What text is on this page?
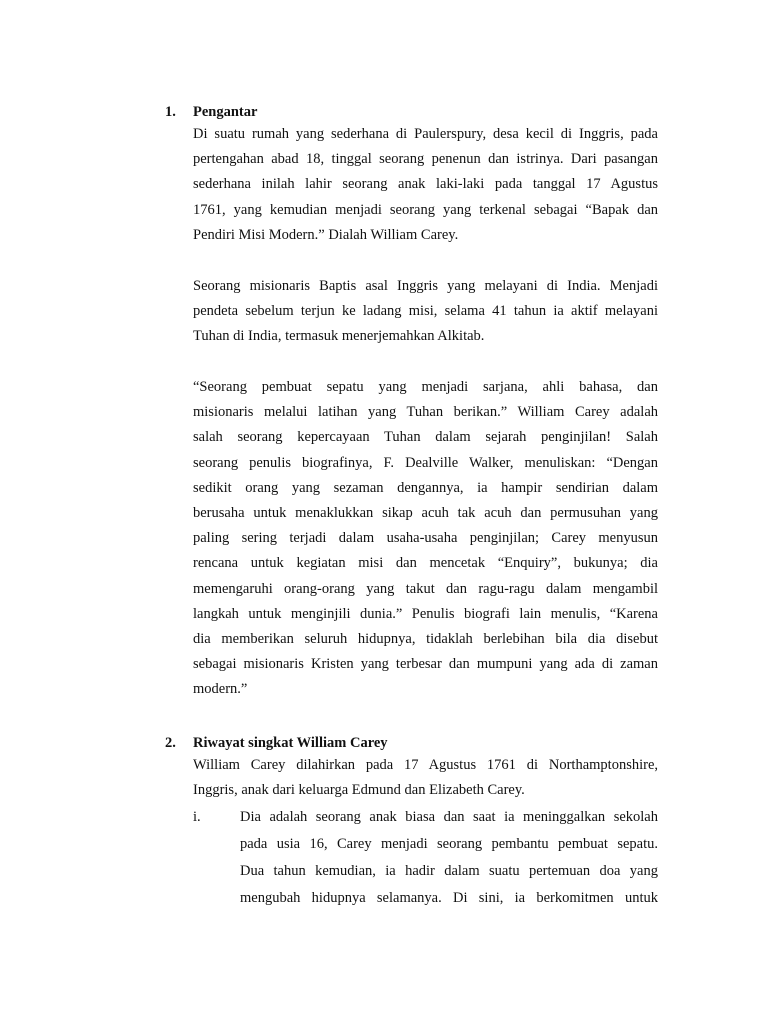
1. Pengantar
Di suatu rumah yang sederhana di Paulerspury, desa kecil di Inggris, pada
pertengahan abad 18, tinggal seorang penenun dan istrinya. Dari pasangan
sederhana inilah lahir seorang anak laki-laki pada tanggal 17 Agustus
1761, yang kemudian menjadi seorang yang terkenal sebagai “Bapak dan
Pendiri Misi Modern.” Dialah William Carey.
Seorang misionaris Baptis asal Inggris yang melayani di India. Menjadi
pendeta sebelum terjun ke ladang misi, selama 41 tahun ia aktif melayani
Tuhan di India, termasuk menerjemahkan Alkitab.
“Seorang pembuat sepatu yang menjadi sarjana, ahli bahasa, dan
misionaris melalui latihan yang Tuhan berikan.” William Carey adalah
salah seorang kepercayaan Tuhan dalam sejarah penginjilan! Salah
seorang penulis biografinya, F. Dealville Walker, menuliskan: “Dengan
sedikit orang yang sezaman dengannya, ia hampir sendirian dalam
berusaha untuk menaklukkan sikap acuh tak acuh dan permusuhan yang
paling sering terjadi dalam usaha-usaha penginjilan; Carey menyusun
rencana untuk kegiatan misi dan mencetak “Enquiry”, bukunya; dia
memengaruhi orang-orang yang takut dan ragu-ragu dalam mengambil
langkah untuk menginjili dunia.” Penulis biografi lain menulis, “Karena
dia memberikan seluruh hidupnya, tidaklah berlebihan bila dia disebut
sebagai misionaris Kristen yang terbesar dan mumpuni yang ada di zaman
modern.”
2. Riwayat singkat William Carey
William Carey dilahirkan pada 17 Agustus 1761 di Northamptonshire,
Inggris, anak dari keluarga Edmund dan Elizabeth Carey.
i.	Dia adalah seorang anak biasa dan saat ia meninggalkan sekolah
pada usia 16, Carey menjadi seorang pembantu pembuat sepatu.
Dua tahun kemudian, ia hadir dalam suatu pertemuan doa yang
mengubah hidupnya selamanya. Di sini, ia berkomitmen untuk
